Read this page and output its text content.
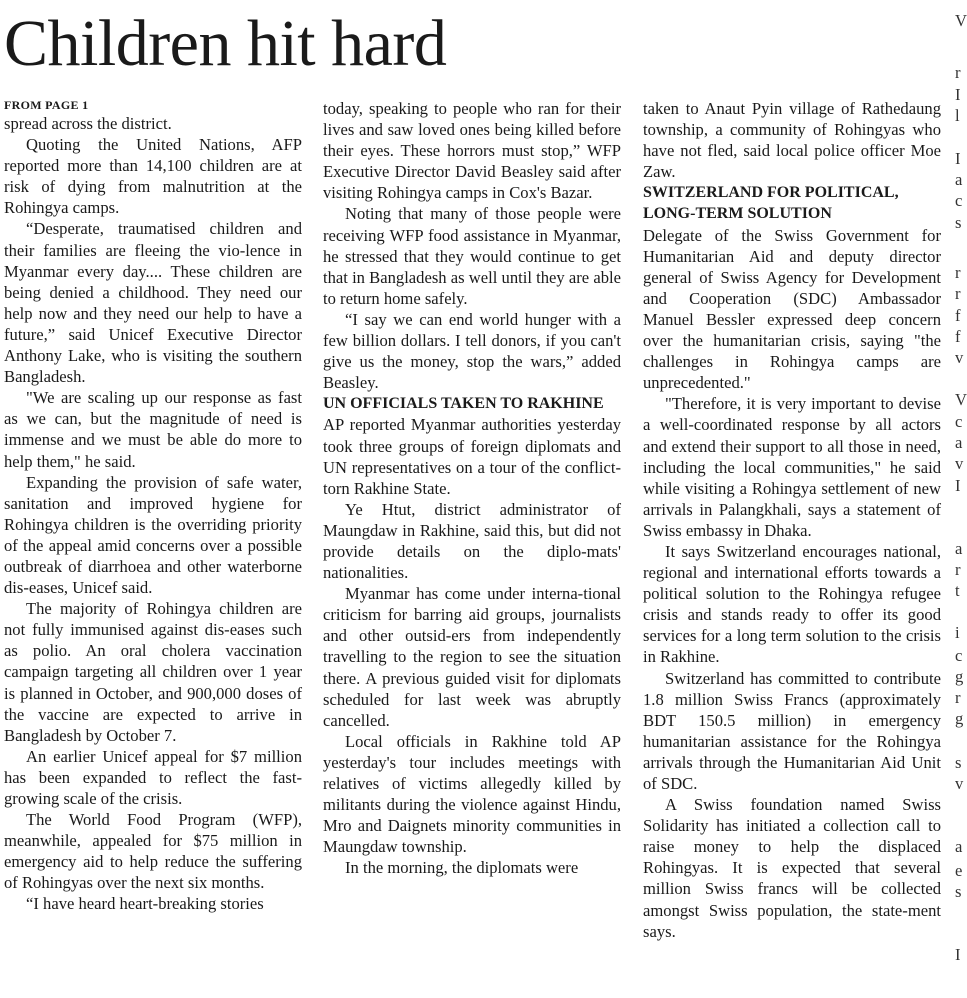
Children hit hard
FROM PAGE 1

spread across the district.

Quoting the United Nations, AFP reported more than 14,100 children are at risk of dying from malnutrition at the Rohingya camps.

“Desperate, traumatised children and their families are fleeing the vio-lence in Myanmar every day.... These children are being denied a childhood. They need our help now and they need our help to have a future,” said Unicef Executive Director Anthony Lake, who is visiting the southern Bangladesh.

"We are scaling up our response as fast as we can, but the magnitude of need is immense and we must be able do more to help them," he said.

Expanding the provision of safe water, sanitation and improved hygiene for Rohingya children is the overriding priority of the appeal amid concerns over a possible outbreak of diarrhoea and other waterborne dis-eases, Unicef said.

The majority of Rohingya children are not fully immunised against dis-eases such as polio. An oral cholera vaccination campaign targeting all children over 1 year is planned in October, and 900,000 doses of the vaccine are expected to arrive in Bangladesh by October 7.

An earlier Unicef appeal for $7 million has been expanded to reflect the fast-growing scale of the crisis.

The World Food Program (WFP), meanwhile, appealed for $75 million in emergency aid to help reduce the suffering of Rohingyas over the next six months.

“I have heard heart-breaking stories

today, speaking to people who ran for their lives and saw loved ones being killed before their eyes. These horrors must stop,” WFP Executive Director David Beasley said after visiting Rohingya camps in Cox's Bazar.

Noting that many of those people were receiving WFP food assistance in Myanmar, he stressed that they would continue to get that in Bangladesh as well until they are able to return home safely.

“I say we can end world hunger with a few billion dollars. I tell donors, if you can't give us the money, stop the wars,” added Beasley.

UN OFFICIALS TAKEN TO RAKHINE

AP reported Myanmar authorities yesterday took three groups of foreign diplomats and UN representatives on a tour of the conflict-torn Rakhine State.

Ye Htut, district administrator of Maungdaw in Rakhine, said this, but did not provide details on the diplo-mats' nationalities.

Myanmar has come under interna-tional criticism for barring aid groups, journalists and other outsid-ers from independently travelling to the region to see the situation there. A previous guided visit for diplomats scheduled for last week was abruptly cancelled.

Local officials in Rakhine told AP yesterday's tour includes meetings with relatives of victims allegedly killed by militants during the violence against Hindu, Mro and Daignets minority communities in Maungdaw township.

In the morning, the diplomats were

taken to Anaut Pyin village of Rathedaung township, a community of Rohingyas who have not fled, said local police officer Moe Zaw.

SWITZERLAND FOR POLITICAL, LONG-TERM SOLUTION

Delegate of the Swiss Government for Humanitarian Aid and deputy director general of Swiss Agency for Development and Cooperation (SDC) Ambassador Manuel Bessler expressed deep concern over the humanitarian crisis, saying "the challenges in Rohingya camps are unprecedented."

"Therefore, it is very important to devise a well-coordinated response by all actors and extend their support to all those in need, including the local communities," he said while visiting a Rohingya settlement of new arrivals in Palangkhali, says a statement of Swiss embassy in Dhaka.

It says Switzerland encourages national, regional and international efforts towards a political solution to the Rohingya refugee crisis and stands ready to offer its good services for a long term solution to the crisis in Rakhine.

Switzerland has committed to contribute 1.8 million Swiss Francs (approximately BDT 150.5 million) in emergency humanitarian assistance for the Rohingya arrivals through the Humanitarian Aid Unit of SDC.

A Swiss foundation named Swiss Solidarity has initiated a collection call to raise money to help the displaced Rohingyas. It is expected that several million Swiss francs will be collected amongst Swiss population, the state-ment says.

V
r
I
l
I
a
c
s
r
r
f
f
v
V
c
a
v
I
a
r
t
i
c
g
r
g
s
v
a
e
s
I
